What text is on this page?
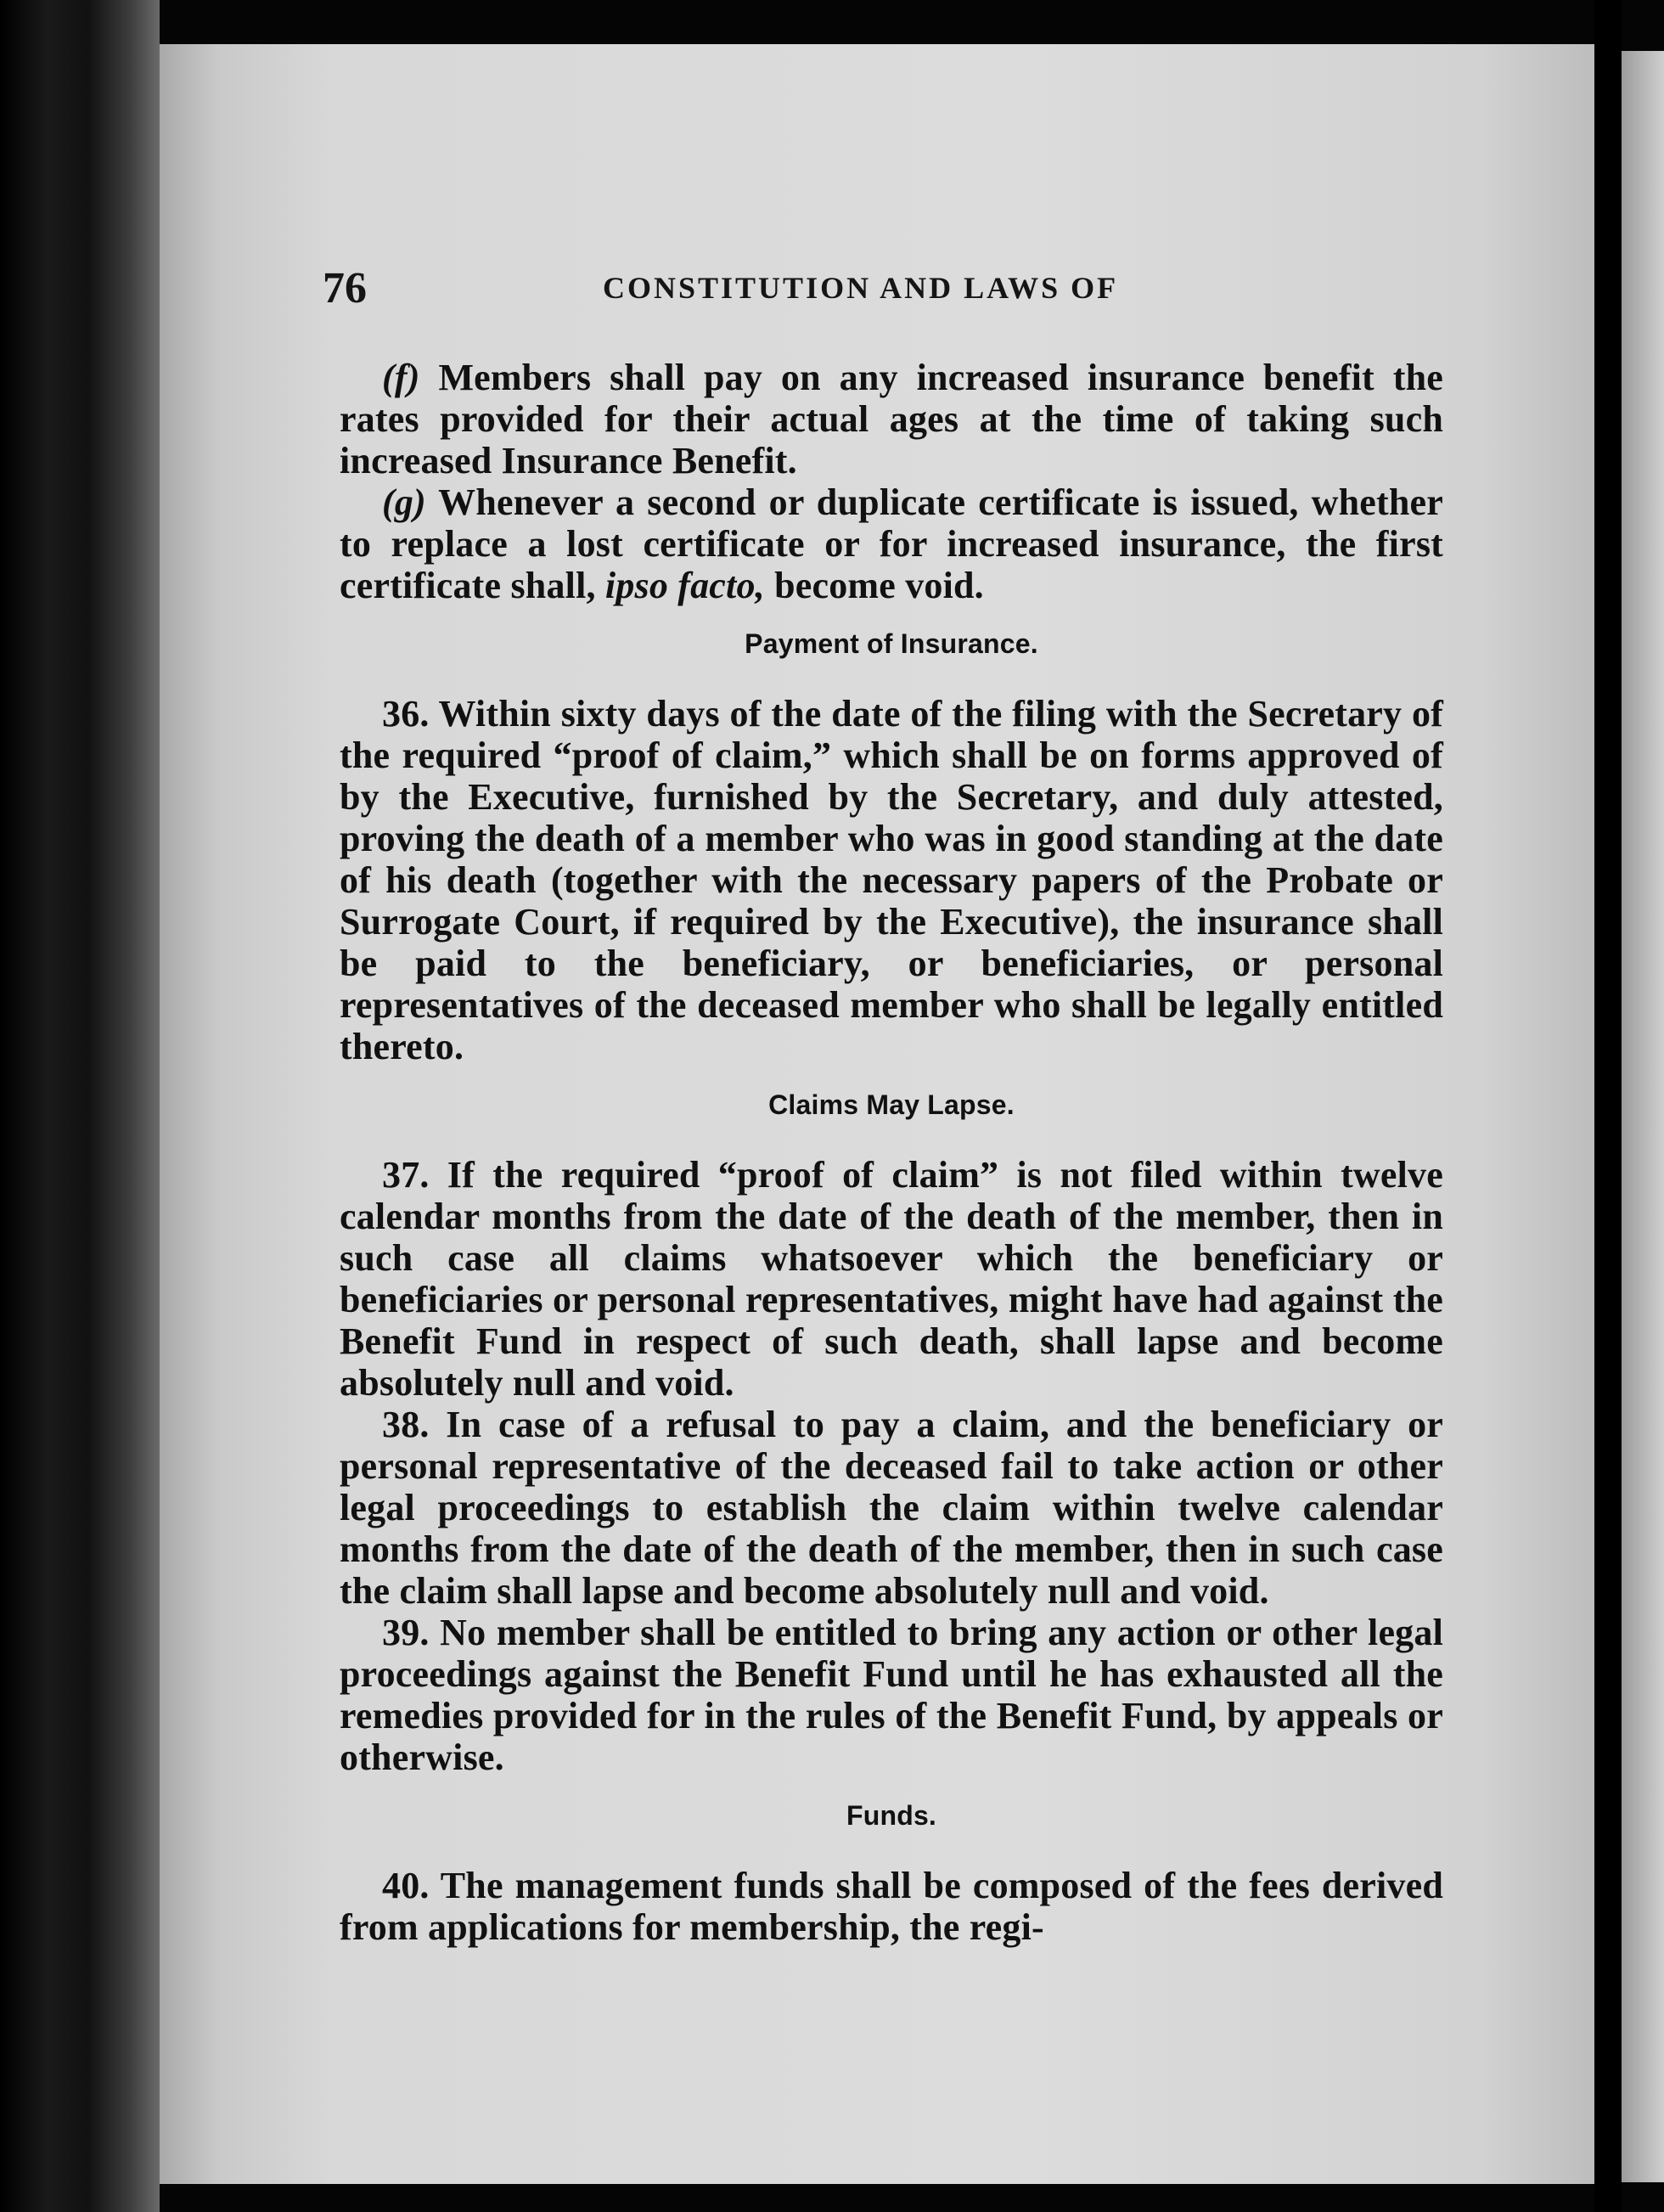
76	CONSTITUTION AND LAWS OF

(f) Members shall pay on any increased insurance benefit the rates provided for their actual ages at the time of taking such increased Insurance Benefit.

(g) Whenever a second or duplicate certificate is issued, whether to replace a lost certificate or for increased insurance, the first certificate shall, ipso facto, become void.

Payment of Insurance.

36. Within sixty days of the date of the filing with the Secretary of the required “proof of claim,” which shall be on forms approved of by the Executive, furnished by the Secretary, and duly attested, proving the death of a member who was in good standing at the date of his death (together with the necessary papers of the Probate or Surrogate Court, if required by the Executive), the insurance shall be paid to the beneficiary, or beneficiaries, or personal representatives of the deceased member who shall be legally entitled thereto.

Claims May Lapse.

37. If the required “proof of claim” is not filed within twelve calendar months from the date of the death of the member, then in such case all claims whatsoever which the beneficiary or beneficiaries or personal representatives, might have had against the Benefit Fund in respect of such death, shall lapse and become absolutely null and void.

38. In case of a refusal to pay a claim, and the beneficiary or personal representative of the deceased fail to take action or other legal proceedings to establish the claim within twelve calendar months from the date of the death of the member, then in such case the claim shall lapse and become absolutely null and void.

39. No member shall be entitled to bring any action or other legal proceedings against the Benefit Fund until he has exhausted all the remedies provided for in the rules of the Benefit Fund, by appeals or otherwise.

Funds.

40. The management funds shall be composed of the fees derived from applications for membership, the regi-
